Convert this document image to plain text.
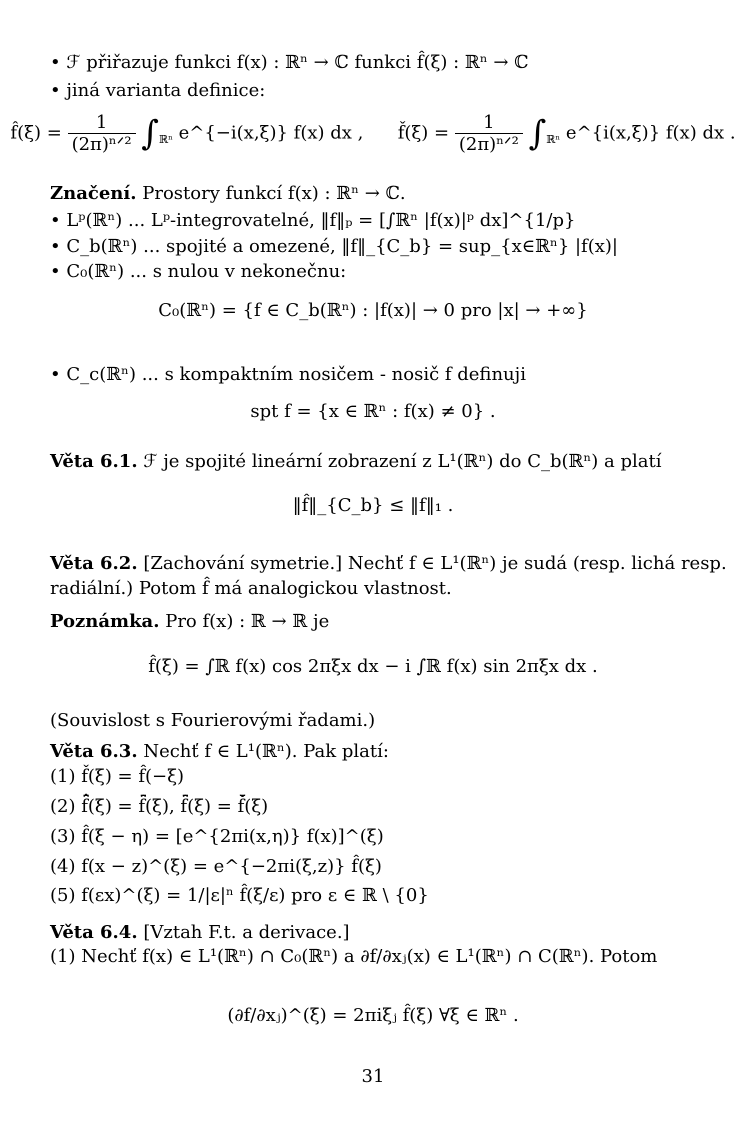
• ℱ přiřazuje funkci f(x) : ℝⁿ → ℂ funkci f̂(ξ) : ℝⁿ → ℂ
• jiná varianta definice:
f̂(ξ) = $\frac{1}{\text{(2π)ⁿᐟ²}} \int_{ℝ^n}$ e^{−i(x,ξ)} f(x) dx , f̌(ξ) = $\frac{1}{\text{(2π)ⁿᐟ²}} \int_{ℝ^n}$ e^{i(x,ξ)} f(x) dx .
Značení. Prostory funkcí f(x) : ℝⁿ → ℂ.
• Lᵖ(ℝⁿ) ... Lᵖ-integrovatelné, ‖f‖ₚ = [∫ℝⁿ |f(x)|ᵖ dx]^{1/p}
• C_b(ℝⁿ) ... spojité a omezené, ‖f‖_{C_b} = sup_{x∈ℝⁿ} |f(x)|
• C₀(ℝⁿ) ... s nulou v nekonečnu:
C₀(ℝⁿ) = {f ∈ C_b(ℝⁿ) : |f(x)| → 0 pro |x| → +∞}
• C_c(ℝⁿ) ... s kompaktním nosičem - nosič f definuji
spt f = {x ∈ ℝⁿ : f(x) ≠ 0} .
Věta 6.1. ℱ je spojité lineární zobrazení z L¹(ℝⁿ) do C_b(ℝⁿ) a platí
‖f̂‖_{C_b} ≤ ‖f‖₁ .
Věta 6.2. [Zachování symetrie.] Nechť f ∈ L¹(ℝⁿ) je sudá (resp. lichá resp.
radiální.) Potom f̂ má analogickou vlastnost.
Poznámka. Pro f(x) : ℝ → ℝ je
f̂(ξ) = ∫ℝ f(x) cos 2πξx dx − i ∫ℝ f(x) sin 2πξx dx .
(Souvislost s Fourierovými řadami.)
Věta 6.3. Nechť f ∈ L¹(ℝⁿ). Pak platí:
(1) f̌(ξ) = f̂(−ξ)
(2) f̄̂(ξ) = f̂̄(ξ), f̂̄(ξ) = f̌̄(ξ)
(3) f̂(ξ − η) = [e^{2πi(x,η)} f(x)]^(ξ)
(4) f(x − z)^(ξ) = e^{−2πi(ξ,z)} f̂(ξ)
(5) f(εx)^(ξ) = 1/|ε|ⁿ f̂(ξ/ε) pro ε ∈ ℝ \ {0}
Věta 6.4. [Vztah F.t. a derivace.]
(1) Nechť f(x) ∈ L¹(ℝⁿ) ∩ C₀(ℝⁿ) a ∂f/∂xⱼ(x) ∈ L¹(ℝⁿ) ∩ C(ℝⁿ). Potom
(∂f/∂xⱼ)^(ξ) = 2πiξⱼ f̂(ξ) ∀ξ ∈ ℝⁿ .
31
